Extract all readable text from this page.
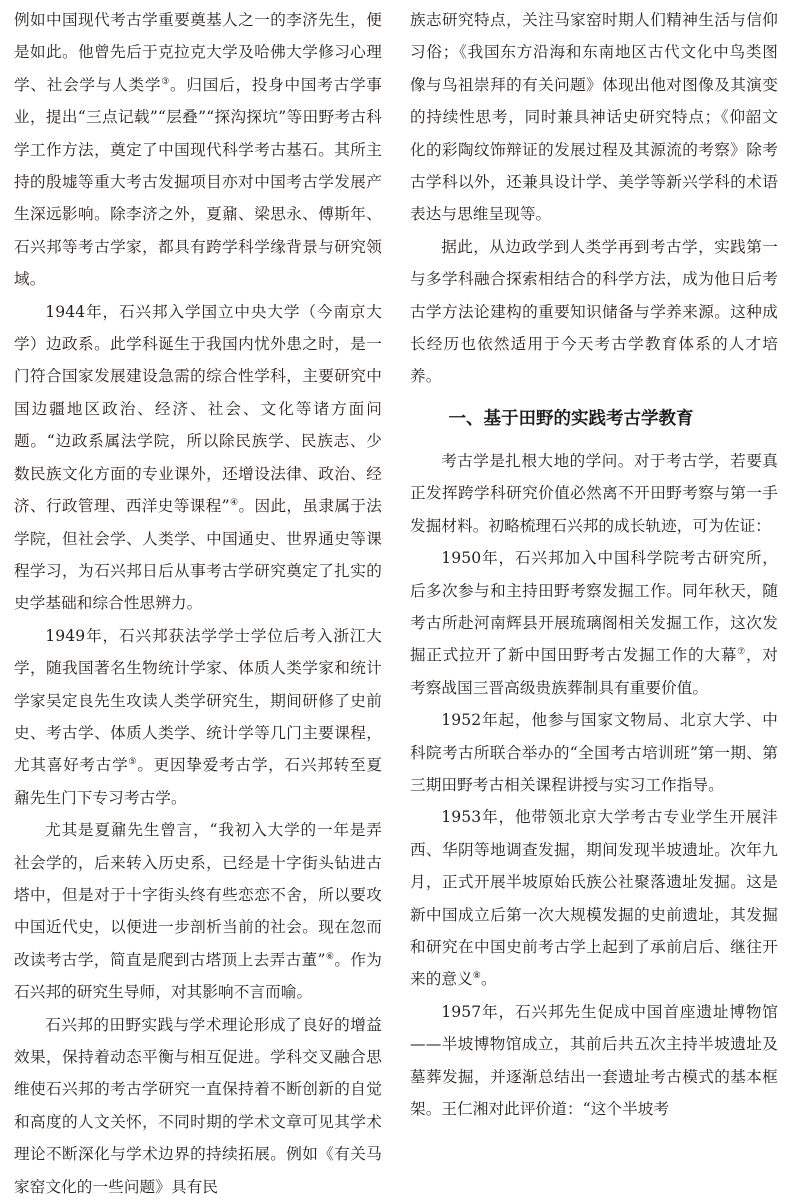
例如中国现代考古学重要奠基人之一的李济先生，便是如此。他曾先后于克拉克大学及哈佛大学修习心理学、社会学与人类学③。归国后，投身中国考古学事业，提出“三点记载”“层叠”“探沟探坑”等田野考古科学工作方法，奠定了中国现代科学考古基石。其所主持的殷墟等重大考古发掘项目亦对中国考古学发展产生深远影响。除李济之外，夏鼐、梁思永、傅斯年、石兴邦等考古学家，都具有跨学科学缘背景与研究领域。

1944年，石兴邦入学国立中央大学（今南京大学）边政系。此学科诞生于我国内忧外患之时，是一门符合国家发展建设急需的综合性学科，主要研究中国边疆地区政治、经济、社会、文化等诸方面问题。“边政系属法学院，所以除民族学、民族志、少数民族文化方面的专业课外，还增设法律、政治、经济、行政管理、西洋史等课程”④。因此，虽隶属于法学院，但社会学、人类学、中国通史、世界通史等课程学习，为石兴邦日后从事考古学研究奠定了扎实的史学基础和综合性思辨力。

1949年，石兴邦获法学学士学位后考入浙江大学，随我国著名生物统计学家、体质人类学家和统计学家吴定良先生攻读人类学研究生，期间研修了史前史、考古学、体质人类学、统计学等几门主要课程，尤其喜好考古学⑤。更因挚爱考古学，石兴邦转至夏鼐先生门下专习考古学。

尤其是夏鼐先生曾言，“我初入大学的一年是弄社会学的，后来转入历史系，已经是十字街头钻进古塔中，但是对于十字街头终有些恋恋不舍，所以要攻中国近代史，以便进一步剖析当前的社会。现在忽而改读考古学，简直是爬到古塔顶上去弄古董”⑥。作为石兴邦的研究生导师，对其影响不言而喻。

石兴邦的田野实践与学术理论形成了良好的增益效果，保持着动态平衡与相互促进。学科交叉融合思维使石兴邦的考古学研究一直保持着不断创新的自觉和高度的人文关怀，不同时期的学术文章可见其学术理论不断深化与学术边界的持续拓展。例如《有关马家窑文化的一些问题》具有民

族志研究特点，关注马家窑时期人们精神生活与信仰习俗；《我国东方沿海和东南地区古代文化中鸟类图像与鸟祖崇拜的有关问题》体现出他对图像及其演变的持续性思考，同时兼具神话史研究特点；《仰韶文化的彩陶纹饰辩证的发展过程及其源流的考察》除考古学科以外，还兼具设计学、美学等新兴学科的术语表达与思维呈现等。

据此，从边政学到人类学再到考古学，实践第一与多学科融合探索相结合的科学方法，成为他日后考古学方法论建构的重要知识储备与学养来源。这种成长经历也依然适用于今天考古学教育体系的人才培养。

一、基于田野的实践考古学教育

考古学是扎根大地的学问。对于考古学，若要真正发挥跨学科研究价值必然离不开田野考察与第一手发掘材料。初略梳理石兴邦的成长轨迹，可为佐证：

1950年，石兴邦加入中国科学院考古研究所，后多次参与和主持田野考察发掘工作。同年秋天，随考古所赴河南辉县开展琉璃阁相关发掘工作，这次发掘正式拉开了新中国田野考古发掘工作的大幕⑦，对考察战国三晋高级贵族葬制具有重要价值。

1952年起，他参与国家文物局、北京大学、中科院考古所联合举办的“全国考古培训班”第一期、第三期田野考古相关课程讲授与实习工作指导。

1953年，他带领北京大学考古专业学生开展沣西、华阴等地调查发掘，期间发现半坡遗址。次年九月，正式开展半坡原始氏族公社聚落遗址发掘。这是新中国成立后第一次大规模发掘的史前遗址，其发掘和研究在中国史前考古学上起到了承前启后、继往开来的意义⑧。

1957年，石兴邦先生促成中国首座遗址博物馆——半坡博物馆成立，其前后共五次主持半坡遗址及墓葬发掘，并逐渐总结出一套遗址考古模式的基本框架。王仁湘对此评价道：“这个半坡考
